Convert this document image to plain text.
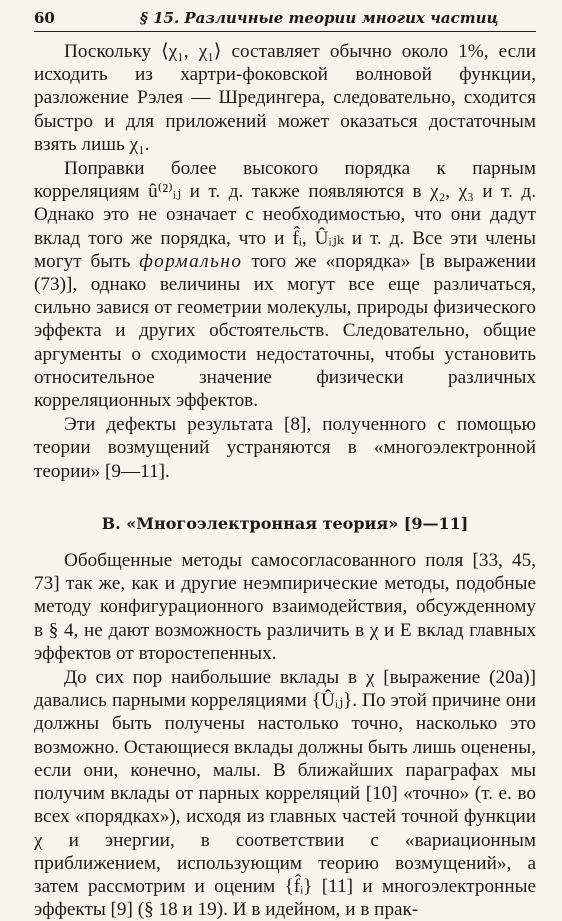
60	§ 15. Различные теории многих частиц

Поскольку ⟨χ₁, χ₁⟩ составляет обычно около 1%, если исходить из хартри-фоковской волновой функции, разложение Рэлея — Шредингера, следовательно, сходится быстро и для приложений может оказаться достаточным взять лишь χ₁.

Поправки более высокого порядка к парным корреляциям û⁽²⁾ᵢⱼ и т. д. также появляются в χ₂, χ₃ и т. д. Однако это не означает с необходимостью, что они дадут вклад того же порядка, что и f̂ᵢ, Ûᵢⱼₖ и т. д. Все эти члены могут быть формально того же «порядка» [в выражении (73)], однако величины их могут все еще различаться, сильно завися от геометрии молекулы, природы физического эффекта и других обстоятельств. Следовательно, общие аргументы о сходимости недостаточны, чтобы установить относительное значение физически различных корреляционных эффектов.

Эти дефекты результата [8], полученного с помощью теории возмущений устраняются в «многоэлектронной теории» [9—11].

В. «Многоэлектронная теория» [9—11]

Обобщенные методы самосогласованного поля [33, 45, 73] так же, как и другие неэмпирические методы, подобные методу конфигурационного взаимодействия, обсужденному в § 4, не дают возможность различить в χ и E вклад главных эффектов от второстепенных.

До сих пор наибольшие вклады в χ [выражение (20а)] давались парными корреляциями {Ûᵢⱼ}. По этой причине они должны быть получены настолько точно, насколько это возможно. Остающиеся вклады должны быть лишь оценены, если они, конечно, малы. В ближайших параграфах мы получим вклады от парных корреляций [10] «точно» (т. е. во всех «порядках»), исходя из главных частей точной функции χ и энергии, в соответствии с «вариационным приближением, использующим теорию возмущений», а затем рассмотрим и оценим {f̂ᵢ} [11] и многоэлектронные эффекты [9] (§ 18 и 19). И в идейном, и в прак-
